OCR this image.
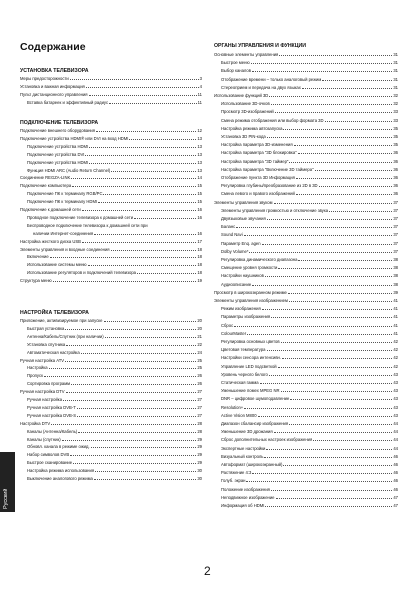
Содержание
УСТАНОВКА ТЕЛЕВИЗОРА
Меры предосторожности	3
Установка и важная информация	4
Пульт дистанционного управления	11
Вставка батареек и эффективный радиус	11
ПОДКЛЮЧЕНИЕ ТЕЛЕВИЗОРА
Подключение внешнего оборудования	12
Подключение устройства HDMI® или DVI на вход HDMI	13
Подключение устройства HDMI	13
Подключение устройства DVI	13
Подключение устройства HDMI	13
Функция HDMI ARC (Audio Return Channel)	13
Соединение REGZA-LINK	14
Подключение компьютера	15
Подключение ПК к терминалу RGB/PC	15
Подключение ПК к терминалу HDMI	15
Подключение к домашней сети	16
Проводное подключение телевизора к домашней сети	16
Беспроводное подключение телевизора к домашней сети при
наличии Интернет-соединения	16
Настройка жесткого диска USB	17
Элементы управления и входные соединения	18
Включение	18
Использование системы меню	18
Использование регуляторов и подключений телевизора	18
Структура меню	19
НАСТРОЙКА ТЕЛЕВИЗОРА
Приложение, активизируемое при запуске	20
Быстрая установка	20
Антенна/Кабель/Спутник (при наличии)	21
Установка спутника	22
Автоматическая настройка	24
Ручная настройка ATV	25
Настройка	25
Пропуск	26
Сортировка программ	26
Ручная настройка DTV	27
Ручная настройка	27
Ручная настройка DVB-T	27
Ручная настройка DVB-S	27
Настройка DTV	28
Каналы (Антенна/Кабель)	28
Каналы (спутник)	29
Обновл. канала в режиме ожид.	29
Набор символов DVB	29
Быстрое сканирование	29
Настройка режима использования	30
Выключение аналогового режима	30
ОРГАНЫ УПРАВЛЕНИЯ И ФУНКЦИИ
Основные элементы управления	31
Быстрое меню	31
Выбор каналов	31
Отображение времени – только аналоговый режим	31
Стереоприем и передача на двух языках	31
Использование функций 3D	32
Использование 3D-очков	32
Просмотр 3D-изображений	33
Смена режима отображения или выбор формата 3D	33
Настройка режима автозапуска	35
Установка 3D PIN-кода	35
Настройка параметра 3D-изменения	35
Настройка параметра "3D блокировка"	36
Настройка параметра "3D таймер"	36
Настройка параметра "Включение 3D таймера"	36
Отображение пункта 3D Информация	36
Регулировка глубины/преобразование из 2D в 3D	36
Смена левого и правого изображений	36
Элементы управления звуком	37
Элементы управления громкостью и отключение звука	37
Двуязыковые звучания	37
Баланс	37
Sound Navi	37
Параметр Enq. agen	37
Dolby Volume*	37
Регулировка динамического диапазона	38
Смещение уровня громкости	38
Настройки наушников	38
Аудиоописание	38
Просмотр в широкоэкранном режиме	39
Элементы управления изображением	41
Режим изображения	41
Параметры изображения	41
Сброс	41
ColourMaster	41
Регулировка основных цветов	42
Цветовая температура	42
Настройки сенсора интенсивн.	42
Управление LED подсветкой	42
Уровень черного белого	43
Статическая гамма	43
Уменьшение помех MPEG NR	43
DNR – цифровое шумоподавление	43
Resolution+	43
Active Vision M800	43
Диапазон сбалансир изображения	44
Уменьшение 3D дрожания	44
Сброс дополнительных настроек изображения	44
Экспертные настройки	44
Визуальный контроль	46
Автоформат (широкоэкранный)	46
Растяжение 4:3	46
Голуб. экран	46
Положение изображения	46
Неподвижное изображение	47
Информация об HDMI	47
Русский
2
